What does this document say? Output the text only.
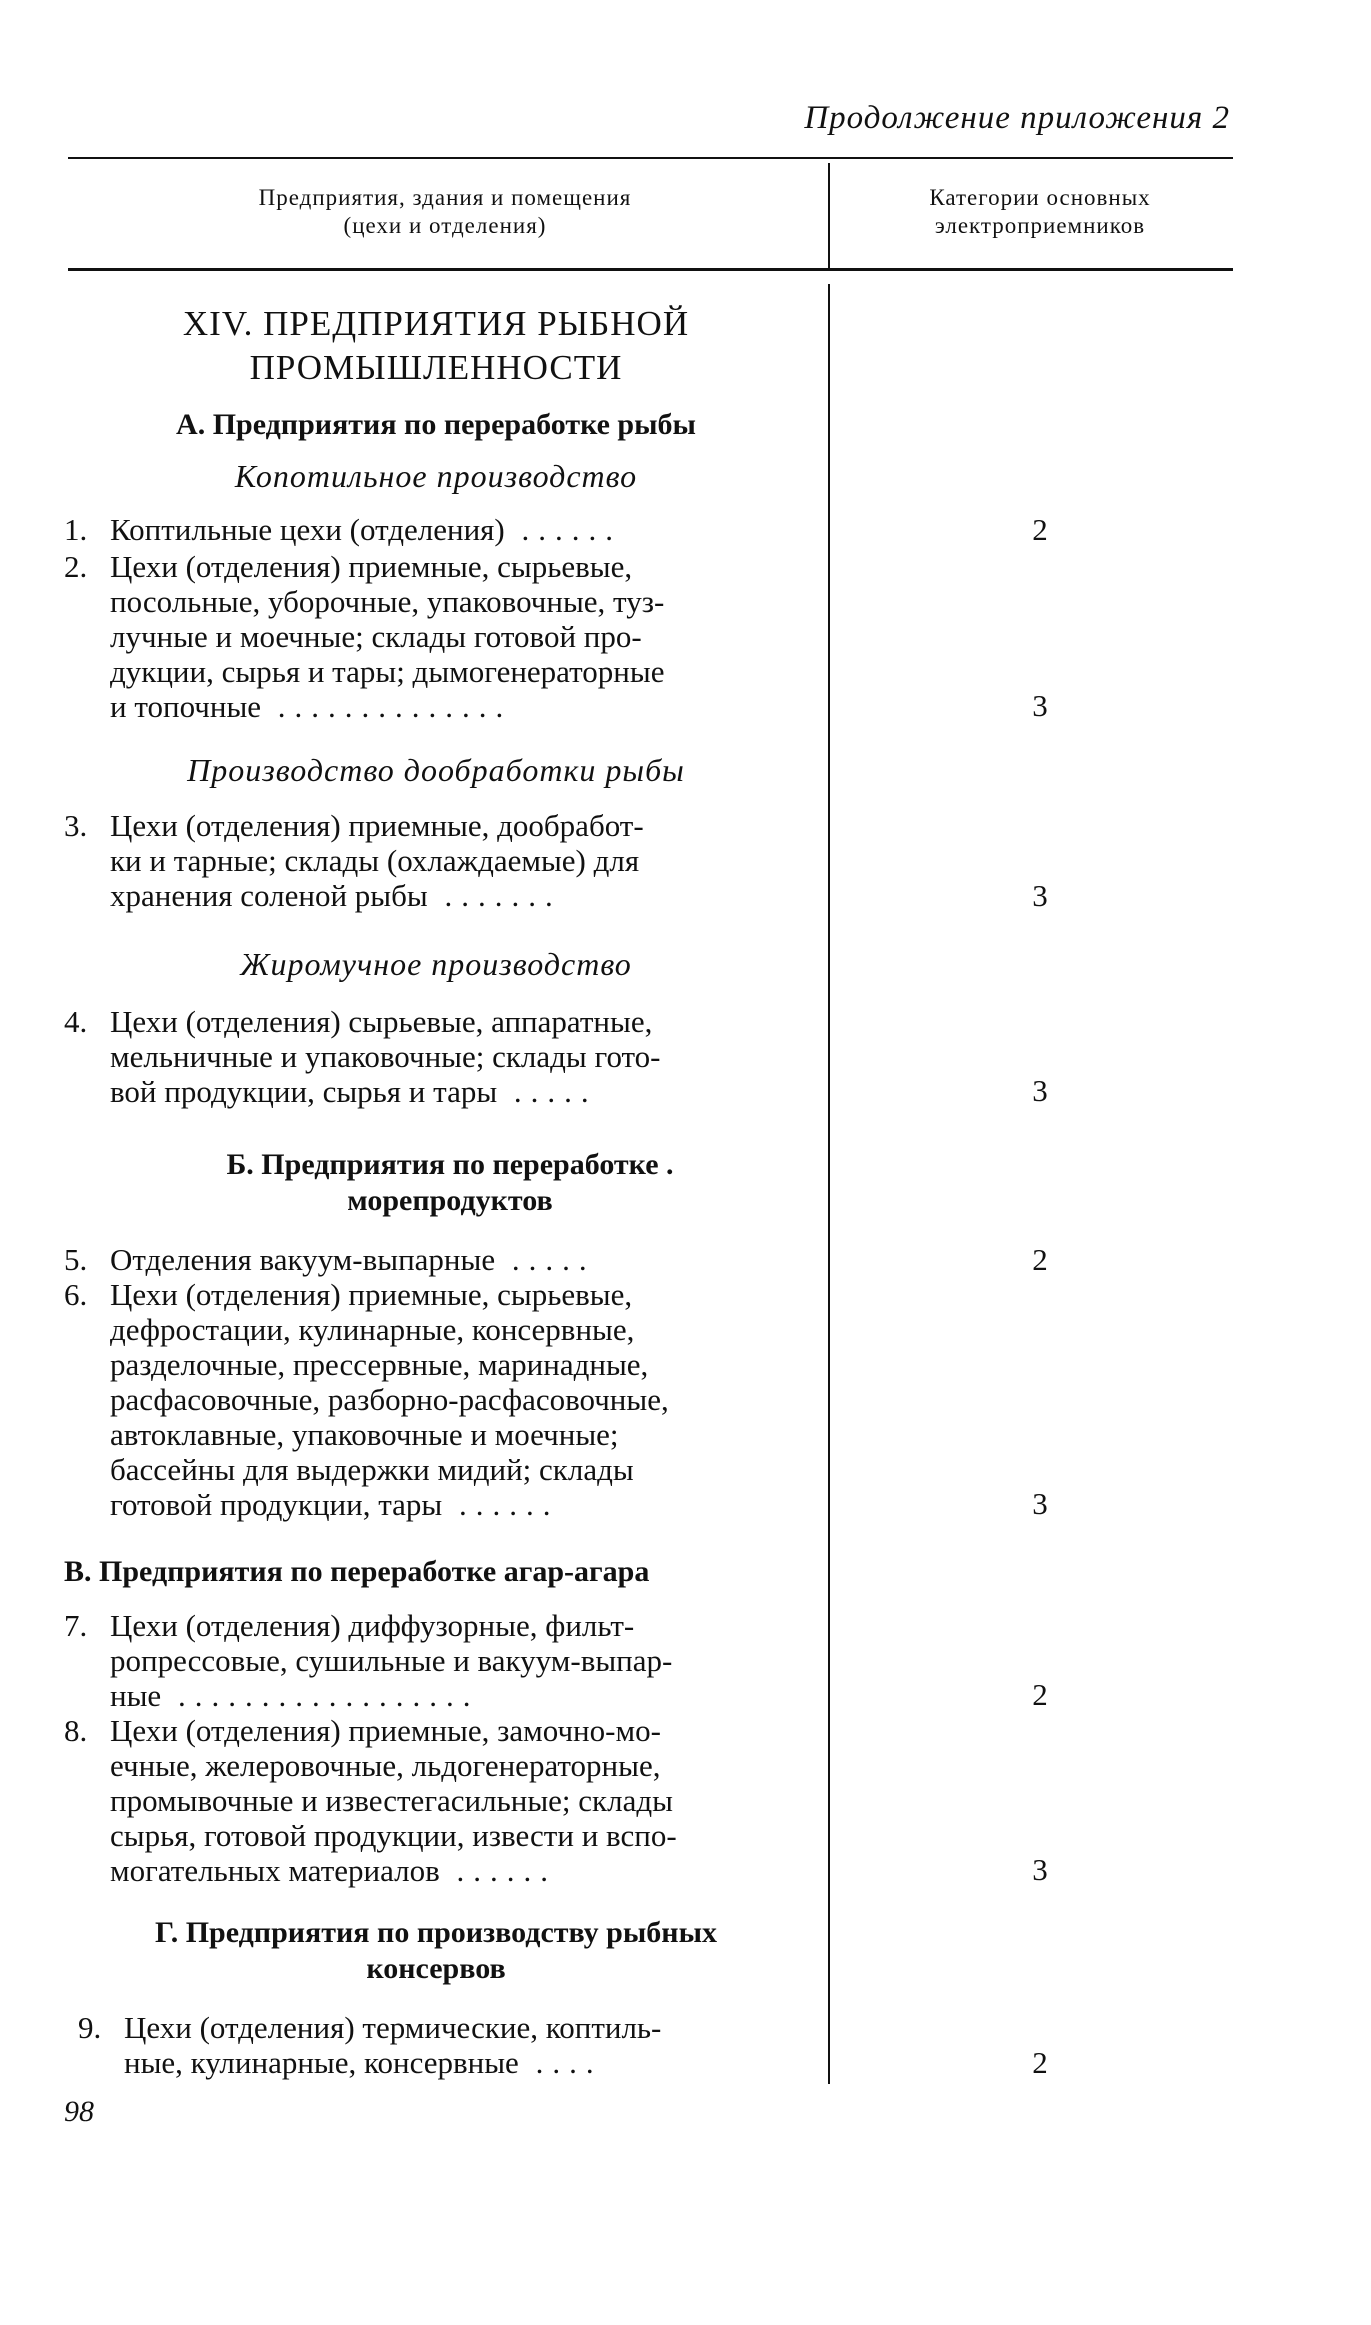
Продолжение приложения 2
Предприятия, здания и помещения
(цехи и отделения)
Категории основных
электроприемников
XIV. ПРЕДПРИЯТИЯ РЫБНОЙ
ПРОМЫШЛЕННОСТИ
А. Предприятия по переработке рыбы
Копотильное производство
1. Коптильные цехи (отделения) ......	2
2. Цехи (отделения) приемные, сырьевые,
посольные, уборочные, упаковочные, туз-
лучные и моечные; склады готовой про-
дукции, сырья и тары; дымогенераторные
и топочные ..............	3
Производство дообработки рыбы
3. Цехи (отделения) приемные, дообработ-
ки и тарные; склады (охлаждаемые) для
хранения соленой рыбы .......	3
Жиромучное производство
4. Цехи (отделения) сырьевые, аппаратные,
мельничные и упаковочные; склады гото-
вой продукции, сырья и тары .....	3
Б. Предприятия по переработке .
морепродуктов
5. Отделения вакуум-выпарные .....	2
6. Цехи (отделения) приемные, сырьевые,
дефростации, кулинарные, консервные,
разделочные, прессервные, маринадные,
расфасовочные, разборно-расфасовочные,
автоклавные, упаковочные и моечные;
бассейны для выдержки мидий; склады
готовой продукции, тары ......	3
В. Предприятия по переработке агар-агара
7. Цехи (отделения) диффузорные, фильт-
ропрессовые, сушильные и вакуум-выпар-
ные ..................	2
8. Цехи (отделения) приемные, замочно-мо-
ечные, желеровочные, льдогенераторные,
промывочные и известегасильные; склады
сырья, готовой продукции, извести и вспо-
могательных материалов ......	3
Г. Предприятия по производству рыбных
консервов
9. Цехи (отделения) термические, коптиль-
ные, кулинарные, консервные ....	2
98
